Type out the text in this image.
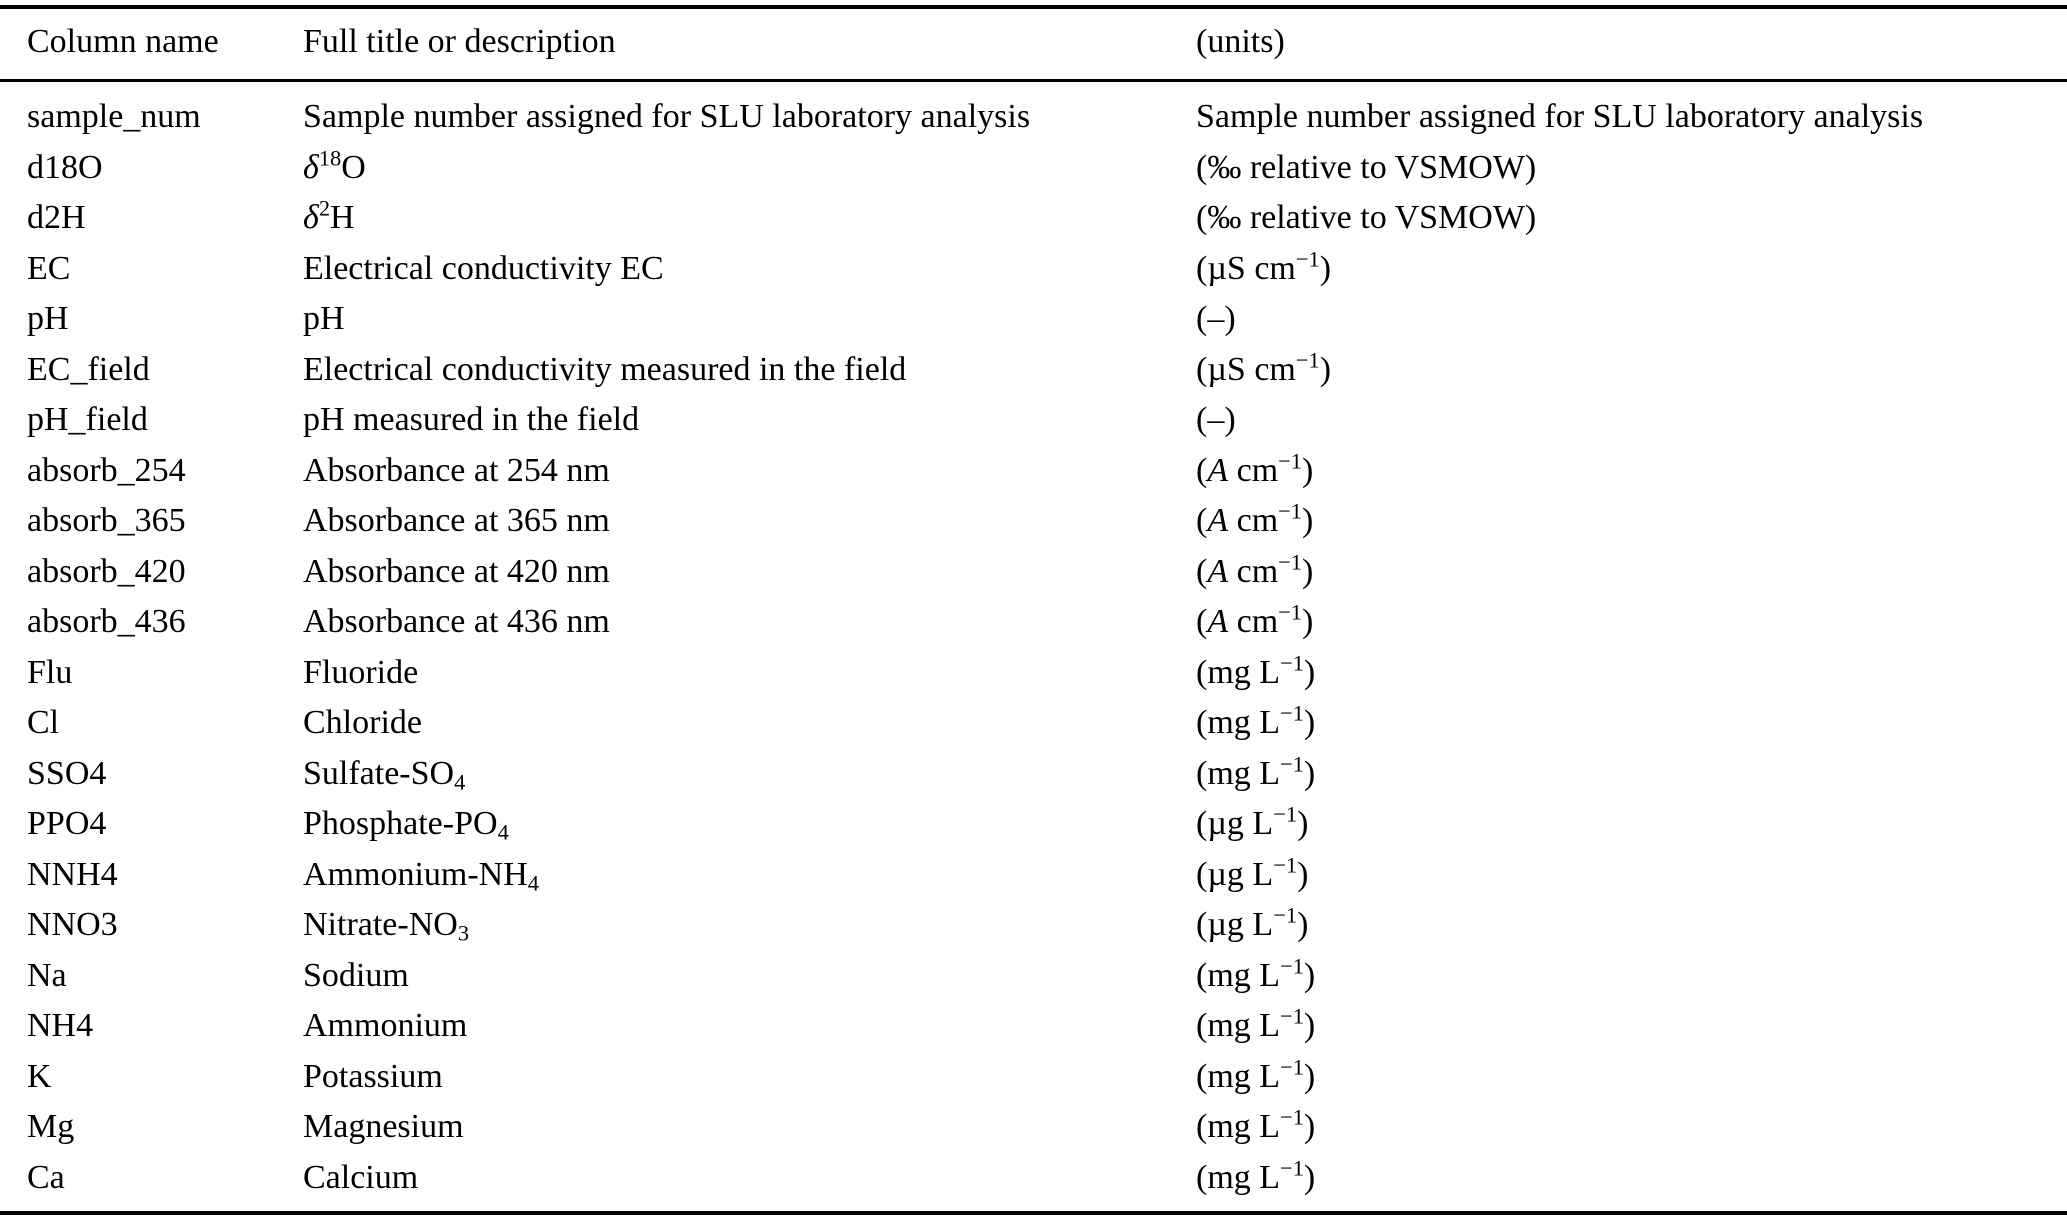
Column name	Full title or description	(units)
sample_num	Sample number assigned for SLU laboratory analysis	Sample number assigned for SLU laboratory analysis
d18O	$\delta^{18}O$	(‰ relative to VSMOW)
d2H	$\delta^2H$	(‰ relative to VSMOW)
EC	Electrical conductivity EC	(µS $cm^{-1}$)
pH	pH	(–)
EC_field	Electrical conductivity measured in the field	(µS $cm^{-1}$)
pH_field	pH measured in the field	(–)
absorb_254	Absorbance at 254 nm	(A $cm^{-1}$)
absorb_365	Absorbance at 365 nm	(A $cm^{-1}$)
absorb_420	Absorbance at 420 nm	(A $cm^{-1}$)
absorb_436	Absorbance at 436 nm	(A $cm^{-1}$)
Flu	Fluoride	(mg $L^{-1}$)
Cl	Chloride	(mg $L^{-1}$)
SSO4	Sulfate-$SO_4$	(mg $L^{-1}$)
PPO4	Phosphate-$PO_4$	(µg $L^{-1}$)
NNH4	Ammonium-$NH_4$	(µg $L^{-1}$)
NNO3	Nitrate-$NO_3$	(µg $L^{-1}$)
Na	Sodium	(mg $L^{-1}$)
NH4	Ammonium	(mg $L^{-1}$)
K	Potassium	(mg $L^{-1}$)
Mg	Magnesium	(mg $L^{-1}$)
Ca	Calcium	(mg $L^{-1}$)
